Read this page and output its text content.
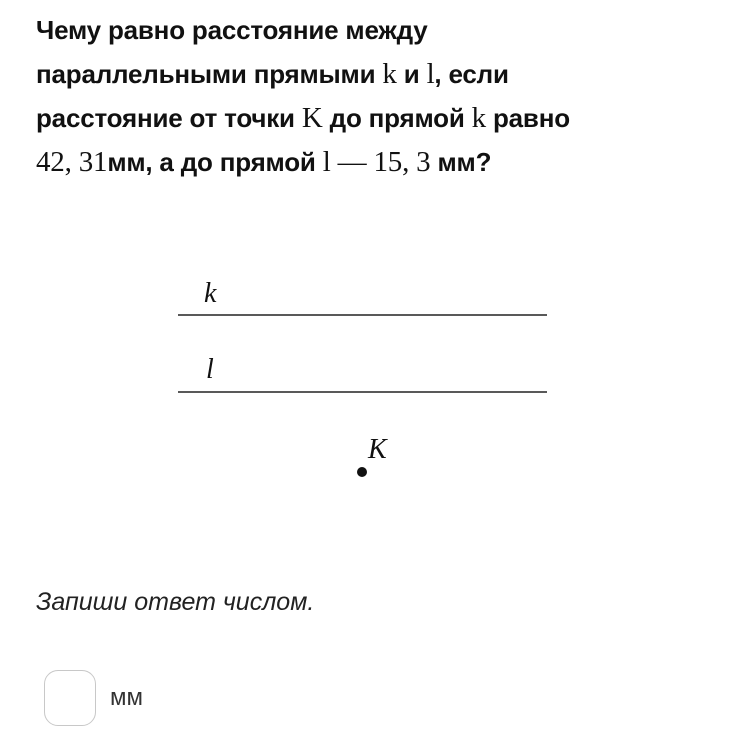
Чему равно расстояние между
параллельными прямыми k и l, если
расстояние от точки K до прямой k равно
42, 31мм, а до прямой l — 15, 3 мм?
k
l
K
Запиши ответ числом.
мм
